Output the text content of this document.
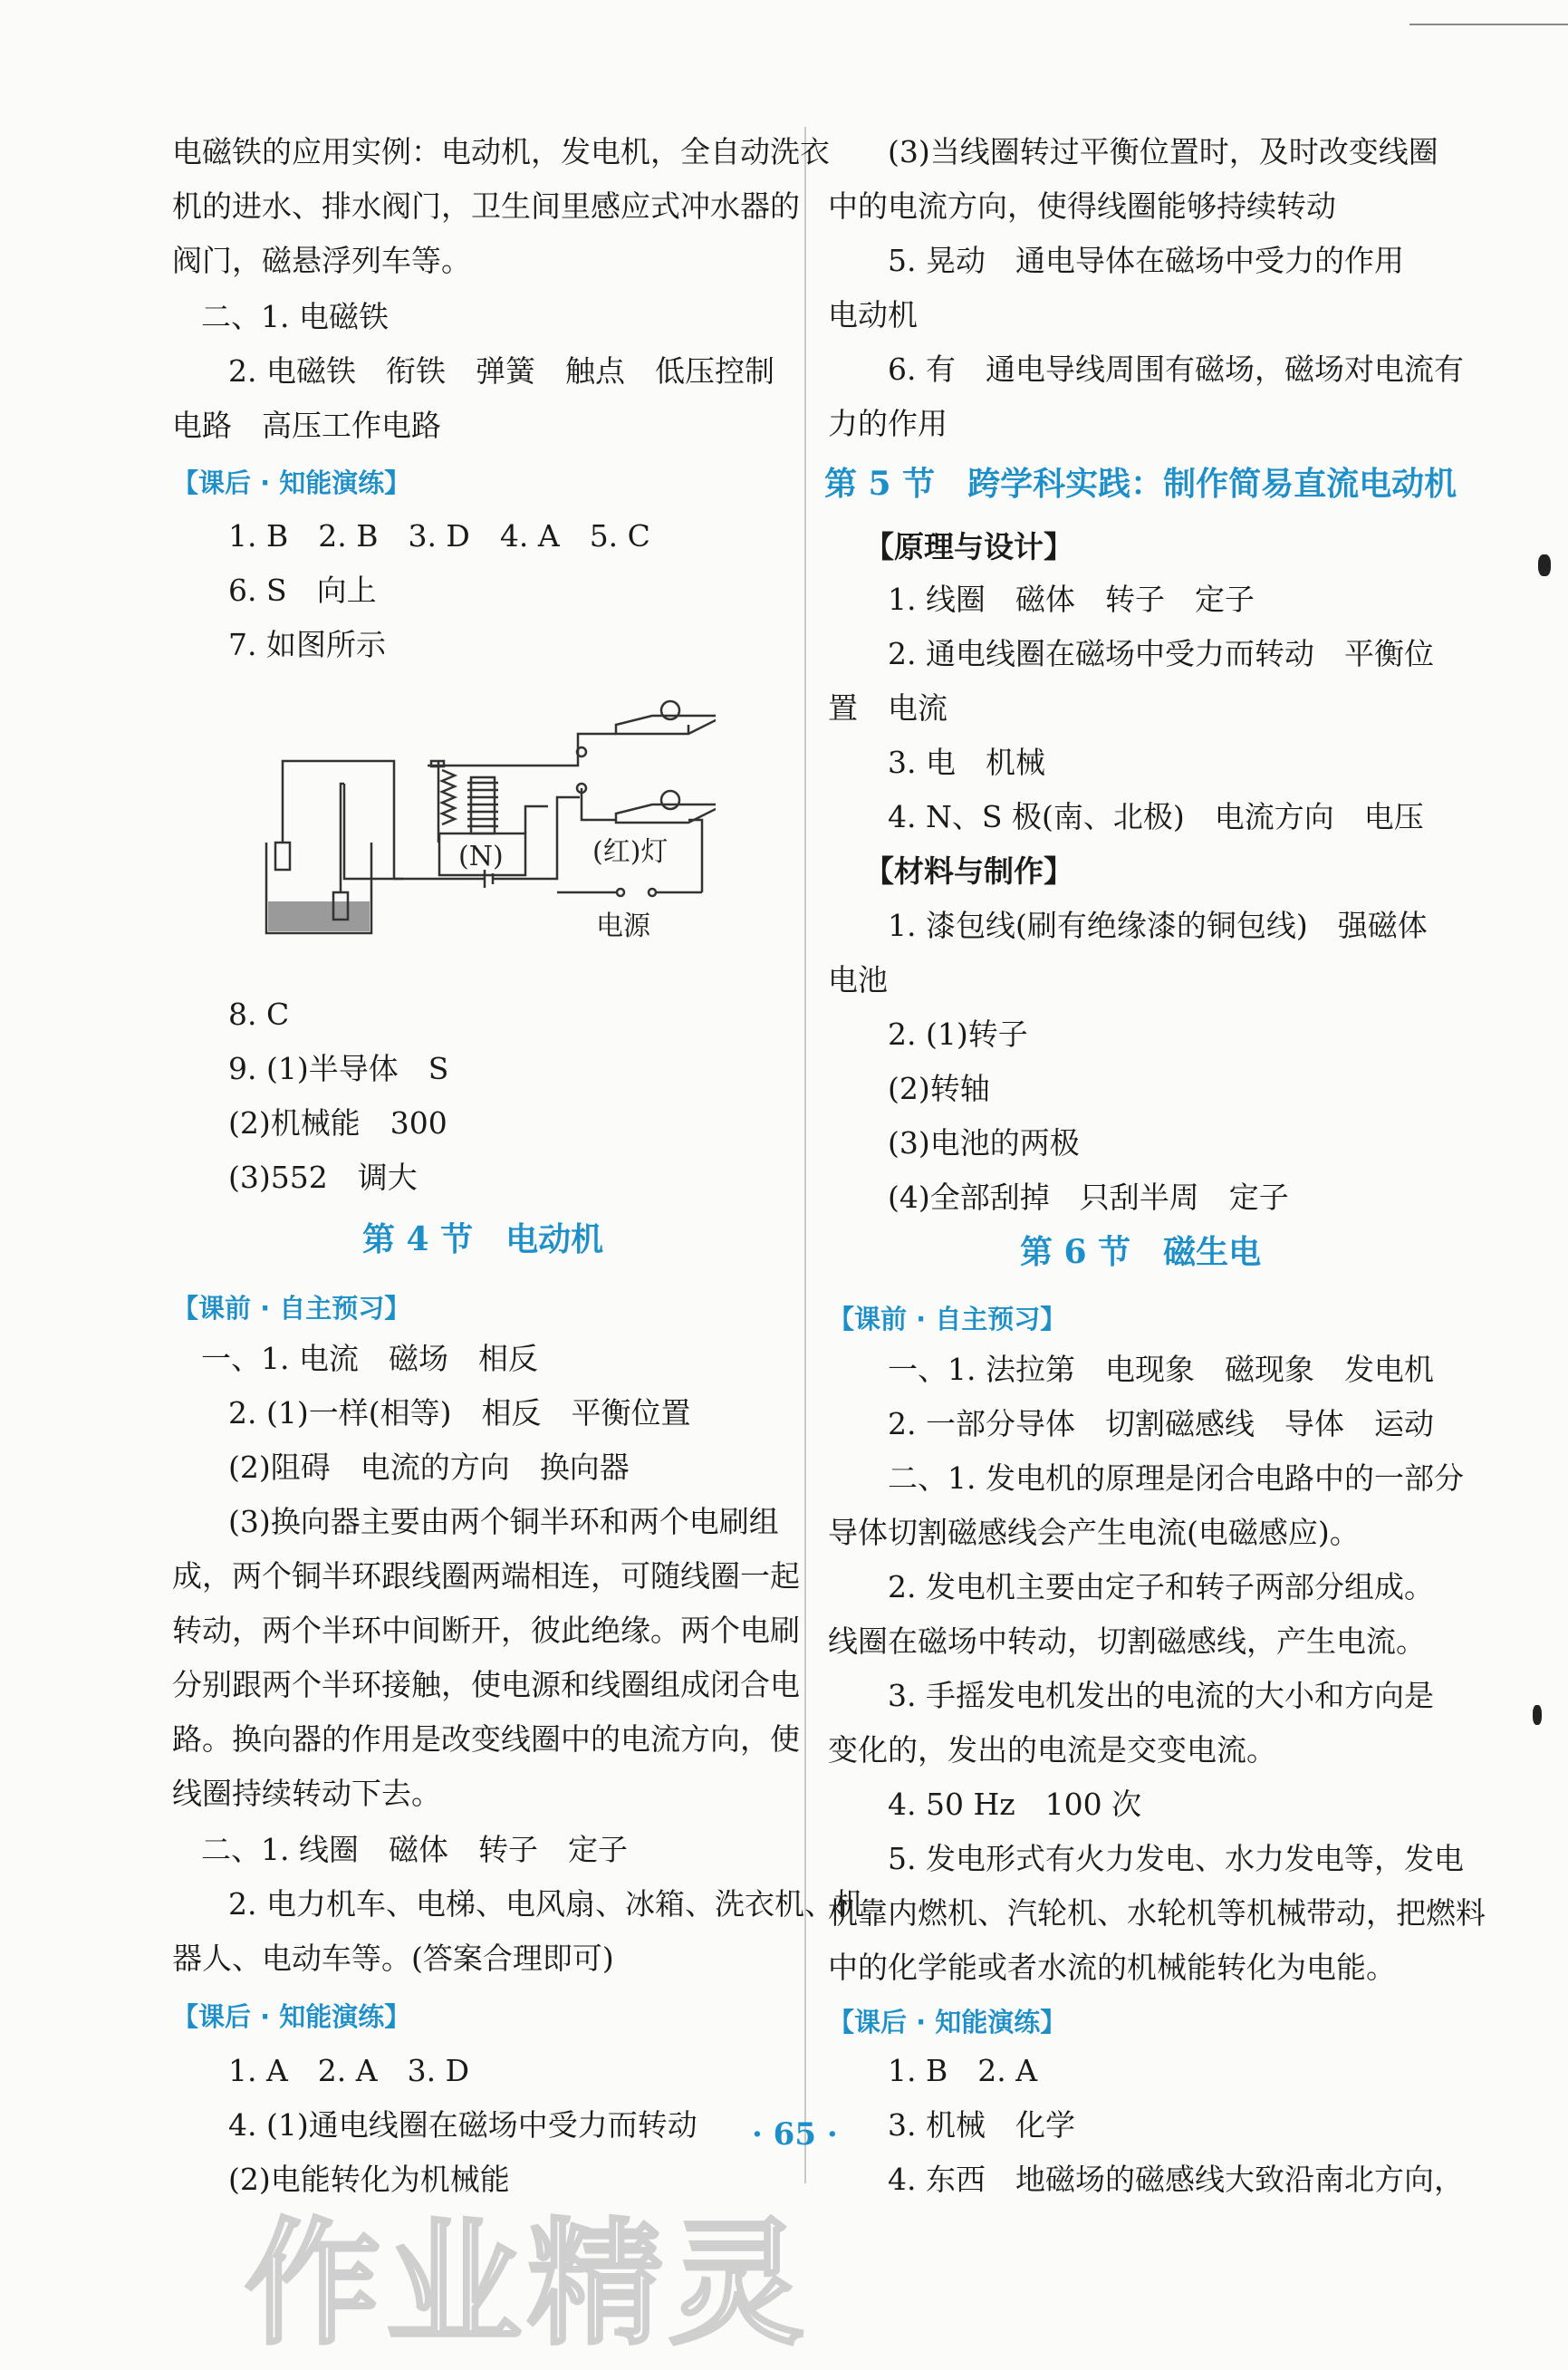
电磁铁的应用实例：电动机，发电机，全自动洗衣
机的进水、排水阀门，卫生间里感应式冲水器的
阀门，磁悬浮列车等。
二、1. 电磁铁
2. 电磁铁　衔铁　弹簧　触点　低压控制
电路　高压工作电路
【课后 · 知能演练】
1. B　2. B　3. D　4. A　5. C
6. S　向上
7. 如图所示
(N)	(红)灯
电源
8. C
9. (1)半导体　S
(2)机械能　300
(3)552　调大
第 4 节　电动机
【课前 · 自主预习】
一、1. 电流　磁场　相反
2. (1)一样(相等)　相反　平衡位置
(2)阻碍　电流的方向　换向器
(3)换向器主要由两个铜半环和两个电刷组
成，两个铜半环跟线圈两端相连，可随线圈一起
转动，两个半环中间断开，彼此绝缘。两个电刷
分别跟两个半环接触，使电源和线圈组成闭合电
路。换向器的作用是改变线圈中的电流方向，使
线圈持续转动下去。
二、1. 线圈　磁体　转子　定子
2. 电力机车、电梯、电风扇、冰箱、洗衣机、机
器人、电动车等。(答案合理即可)
【课后 · 知能演练】
1. A　2. A　3. D
4. (1)通电线圈在磁场中受力而转动
(2)电能转化为机械能
(3)当线圈转过平衡位置时，及时改变线圈
中的电流方向，使得线圈能够持续转动
5. 晃动　通电导体在磁场中受力的作用
电动机
6. 有　通电导线周围有磁场，磁场对电流有
力的作用
第 5 节　跨学科实践：制作简易直流电动机
【原理与设计】
1. 线圈　磁体　转子　定子
2. 通电线圈在磁场中受力而转动　平衡位
置　电流
3. 电　机械
4. N、S 极(南、北极)　电流方向　电压
【材料与制作】
1. 漆包线(刷有绝缘漆的铜包线)　强磁体
电池
2. (1)转子
(2)转轴
(3)电池的两极
(4)全部刮掉　只刮半周　定子
第 6 节　磁生电
【课前 · 自主预习】
一、1. 法拉第　电现象　磁现象　发电机
2. 一部分导体　切割磁感线　导体　运动
二、1. 发电机的原理是闭合电路中的一部分
导体切割磁感线会产生电流(电磁感应)。
2. 发电机主要由定子和转子两部分组成。
线圈在磁场中转动，切割磁感线，产生电流。
3. 手摇发电机发出的电流的大小和方向是
变化的，发出的电流是交变电流。
4. 50 Hz　100 次
5. 发电形式有火力发电、水力发电等，发电
机靠内燃机、汽轮机、水轮机等机械带动，把燃料
中的化学能或者水流的机械能转化为电能。
【课后 · 知能演练】
1. B　2. A
3. 机械　化学
4. 东西　地磁场的磁感线大致沿南北方向，
· 65 ·
作业精灵
